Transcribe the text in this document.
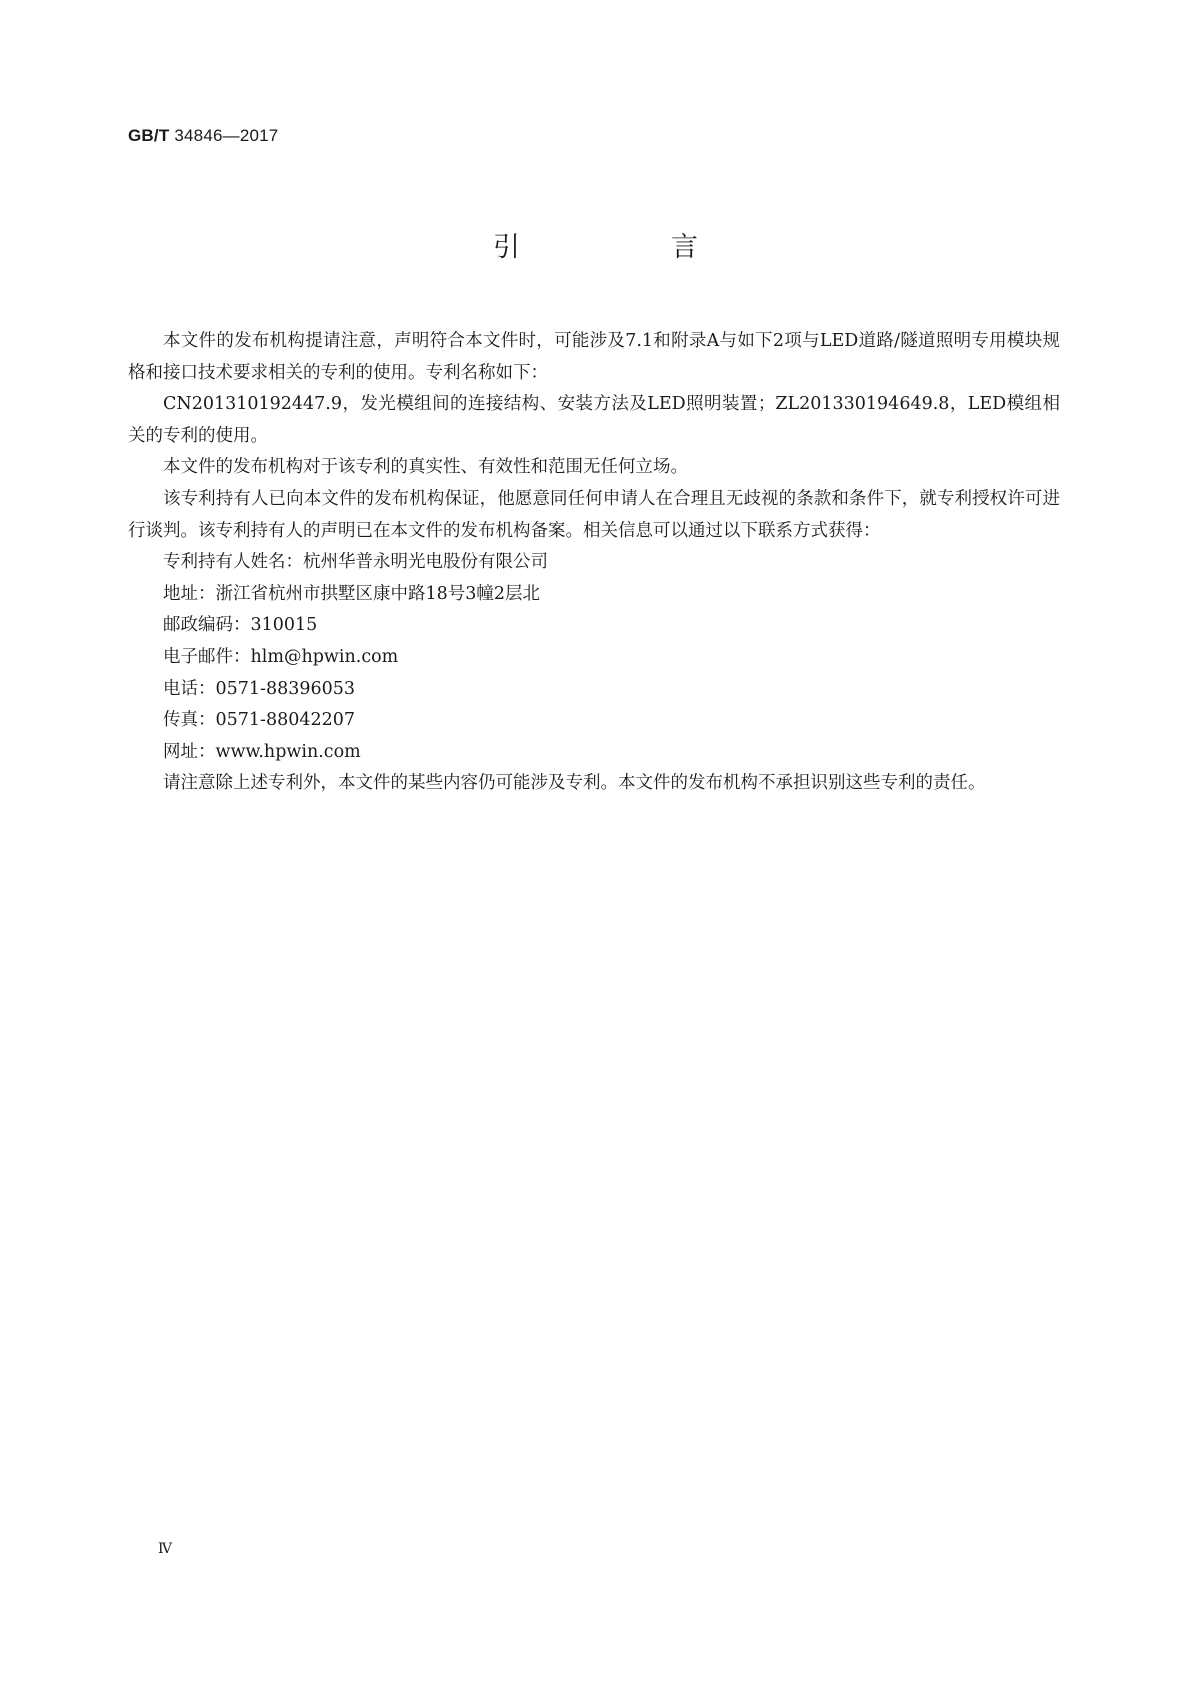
GB/T 34846—2017
引　言

本文件的发布机构提请注意，声明符合本文件时，可能涉及7.1和附录A与如下2项与LED道路/隧道照明专用模块规格和接口技术要求相关的专利的使用。专利名称如下：

CN201310192447.9，发光模组间的连接结构、安装方法及LED照明装置；ZL201330194649.8，LED模组相关的专利的使用。

本文件的发布机构对于该专利的真实性、有效性和范围无任何立场。

该专利持有人已向本文件的发布机构保证，他愿意同任何申请人在合理且无歧视的条款和条件下，就专利授权许可进行谈判。该专利持有人的声明已在本文件的发布机构备案。相关信息可以通过以下联系方式获得：

专利持有人姓名：杭州华普永明光电股份有限公司

地址：浙江省杭州市拱墅区康中路18号3幢2层北

邮政编码：310015

电子邮件：hlm@hpwin.com

电话：0571-88396053

传真：0571-88042207

网址：www.hpwin.com

请注意除上述专利外，本文件的某些内容仍可能涉及专利。本文件的发布机构不承担识别这些专利的责任。

Ⅳ
